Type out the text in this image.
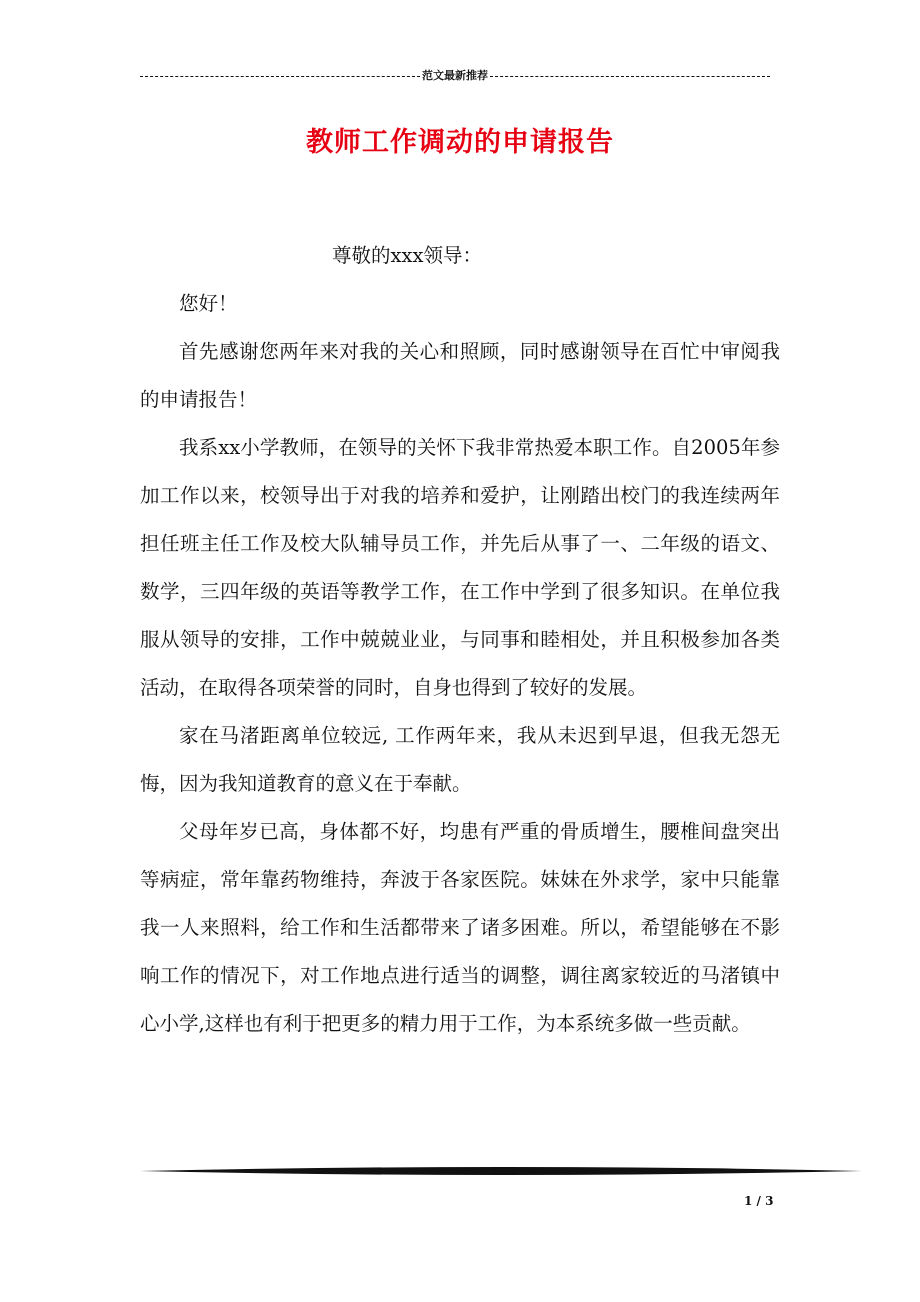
范文最新推荐
教师工作调动的申请报告

尊敬的xxx领导：

您好！

首先感谢您两年来对我的关心和照顾，同时感谢领导在百忙中审阅我的申请报告！

我系xx小学教师，在领导的关怀下我非常热爱本职工作。自2005年参加工作以来，校领导出于对我的培养和爱护，让刚踏出校门的我连续两年担任班主任工作及校大队辅导员工作，并先后从事了一、二年级的语文、数学，三四年级的英语等教学工作，在工作中学到了很多知识。在单位我服从领导的安排，工作中兢兢业业，与同事和睦相处，并且积极参加各类活动，在取得各项荣誉的同时，自身也得到了较好的发展。

家在马渚距离单位较远, 工作两年来，我从未迟到早退，但我无怨无悔，因为我知道教育的意义在于奉献。

父母年岁已高，身体都不好，均患有严重的骨质增生，腰椎间盘突出等病症，常年靠药物维持，奔波于各家医院。妹妹在外求学，家中只能靠我一人来照料，给工作和生活都带来了诸多困难。所以，希望能够在不影响工作的情况下，对工作地点进行适当的调整，调往离家较近的马渚镇中心小学,这样也有利于把更多的精力用于工作，为本系统多做一些贡献。

1 / 3
